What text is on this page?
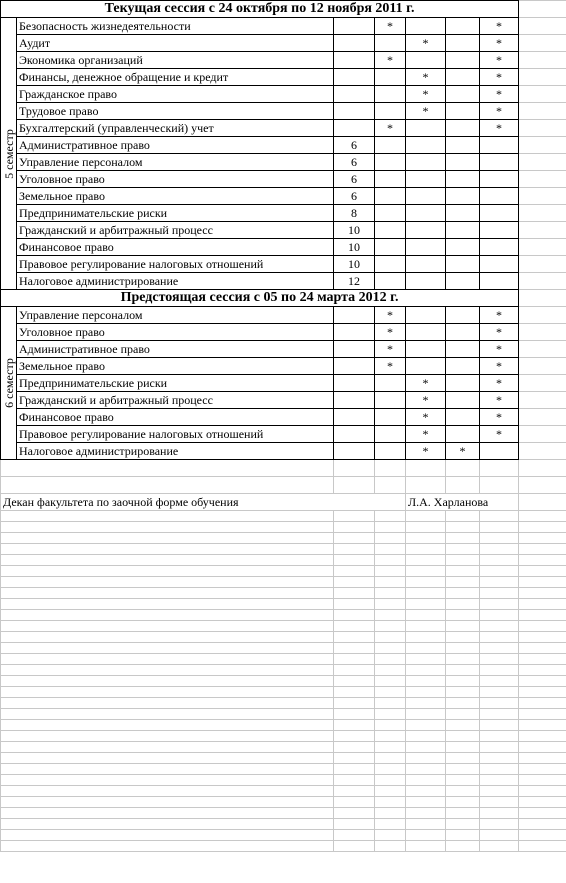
Текущая сессия с 24 октября по 12 ноября 2011 г.							

5 семестр	Безопасность жизнедеятельности		*			*	
	Аудит			*		*	
	Экономика организаций		*			*	
	Финансы, денежное обращение и кредит			*		*	
	Гражданское право			*		*	
	Трудовое право			*		*	
	Бухгалтерский (управленческий) учет		*			*	
	Административное право	6					
	Управление персоналом	6					
	Уголовное право	6					
	Земельное право	6					
	Предпринимательские риски	8					
	Гражданский и арбитражный процесс	10					
	Финансовое право	10					
	Правовое регулирование налоговых отношений	10					
	Налоговое администрирование	12					
Предстоящая сессия с 05 по 24 марта 2012 г.							

6 семестр	Управление персоналом		*			*	
	Уголовное право		*			*	
	Административное право		*			*	
	Земельное право		*			*	
	Предпринимательские риски			*		*	
	Гражданский и арбитражный процесс			*		*	
	Финансовое право			*		*	
	Правовое регулирование налоговых отношений			*		*	
	Налоговое администрирование			*	*		

Декан факультета по заочной форме обучения				Л.А. Харланова			
